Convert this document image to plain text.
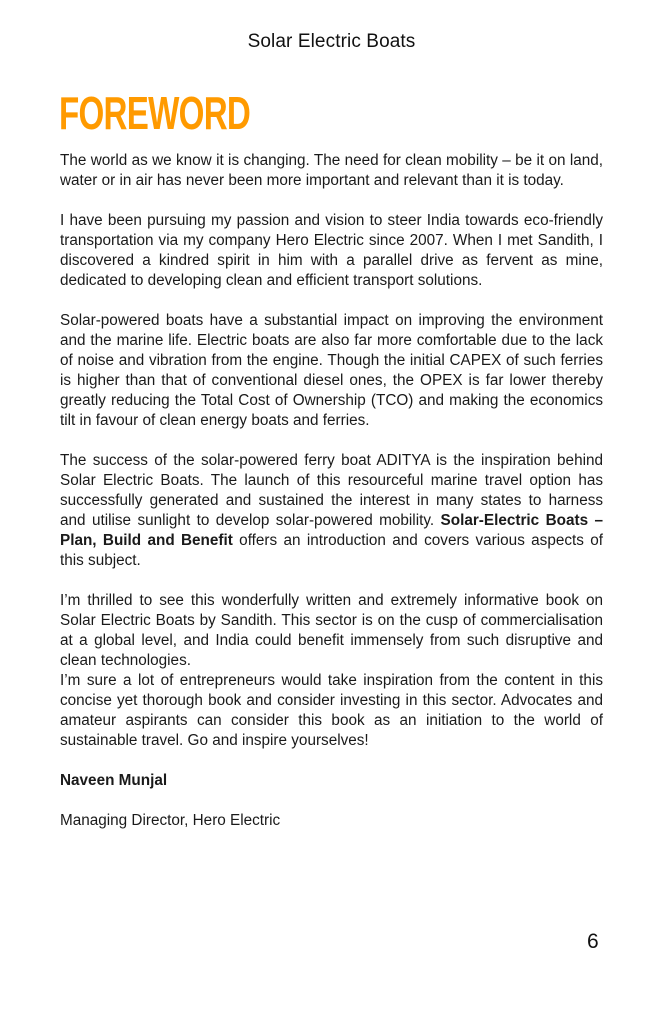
Solar Electric Boats
FOREWORD

The world as we know it is changing. The need for clean mobility – be it on land, water or in air has never been more important and relevant than it is today.

I have been pursuing my passion and vision to steer India towards eco-friendly transportation via my company Hero Electric since 2007. When I met Sandith, I discovered a kindred spirit in him with a parallel drive as fervent as mine, dedicated to developing clean and efficient transport solutions.

Solar-powered boats have a substantial impact on improving the environment and the marine life. Electric boats are also far more comfortable due to the lack of noise and vibration from the engine. Though the initial CAPEX of such ferries is higher than that of conventional diesel ones, the OPEX is far lower thereby greatly reducing the Total Cost of Ownership (TCO) and making the economics tilt in favour of clean energy boats and ferries.

The success of the solar-powered ferry boat ADITYA is the inspiration behind Solar Electric Boats. The launch of this resourceful marine travel option has successfully generated and sustained the interest in many states to harness and utilise sunlight to develop solar-powered mobility. Solar-Electric Boats – Plan, Build and Benefit offers an introduction and covers various aspects of this subject.

I’m thrilled to see this wonderfully written and extremely informative book on Solar Electric Boats by Sandith. This sector is on the cusp of commercialisation at a global level, and India could benefit immensely from such disruptive and clean technologies.

I’m sure a lot of entrepreneurs would take inspiration from the content in this concise yet thorough book and consider investing in this sector. Advocates and amateur aspirants can consider this book as an initiation to the world of sustainable travel. Go and inspire yourselves!

Naveen Munjal

Managing Director, Hero Electric

6
